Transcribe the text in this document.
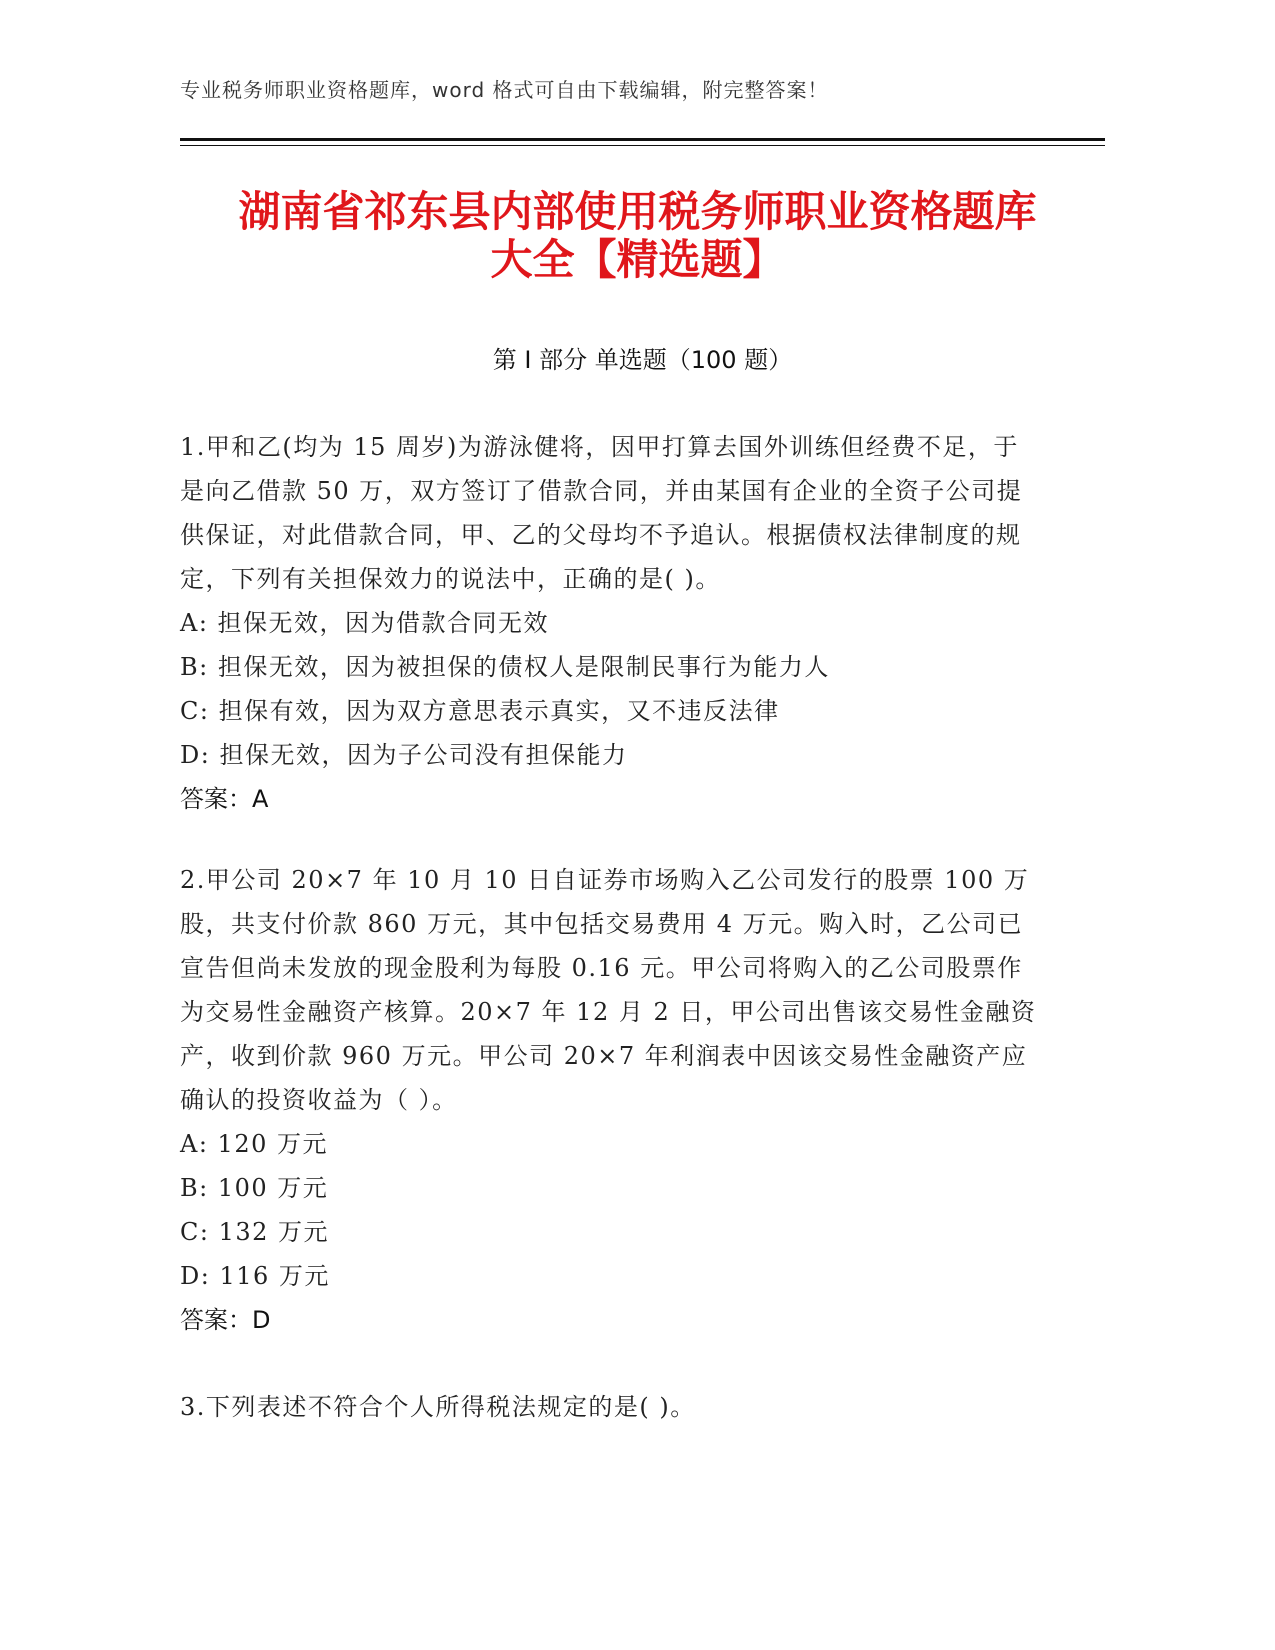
专业税务师职业资格题库，word 格式可自由下载编辑，附完整答案！
湖南省祁东县内部使用税务师职业资格题库
大全【精选题】
第 I 部分 单选题（100 题）

1.甲和乙(均为 15 周岁)为游泳健将，因甲打算去国外训练但经费不足，于是向乙借款 50 万，双方签订了借款合同，并由某国有企业的全资子公司提供保证，对此借款合同，甲、乙的父母均不予追认。根据债权法律制度的规定，下列有关担保效力的说法中，正确的是( )。

A: 担保无效，因为借款合同无效

B: 担保无效，因为被担保的债权人是限制民事行为能力人

C: 担保有效，因为双方意思表示真实，又不违反法律

D: 担保无效，因为子公司没有担保能力

答案：A

2.甲公司 20×7 年 10 月 10 日自证券市场购入乙公司发行的股票 100 万股，共支付价款 860 万元，其中包括交易费用 4 万元。购入时，乙公司已宣告但尚未发放的现金股利为每股 0.16 元。甲公司将购入的乙公司股票作为交易性金融资产核算。20×7 年 12 月 2 日，甲公司出售该交易性金融资产，收到价款 960 万元。甲公司 20×7 年利润表中因该交易性金融资产应确认的投资收益为（ ）。

A: 120 万元

B: 100 万元

C: 132 万元

D: 116 万元

答案：D

3.下列表述不符合个人所得税法规定的是( )。
